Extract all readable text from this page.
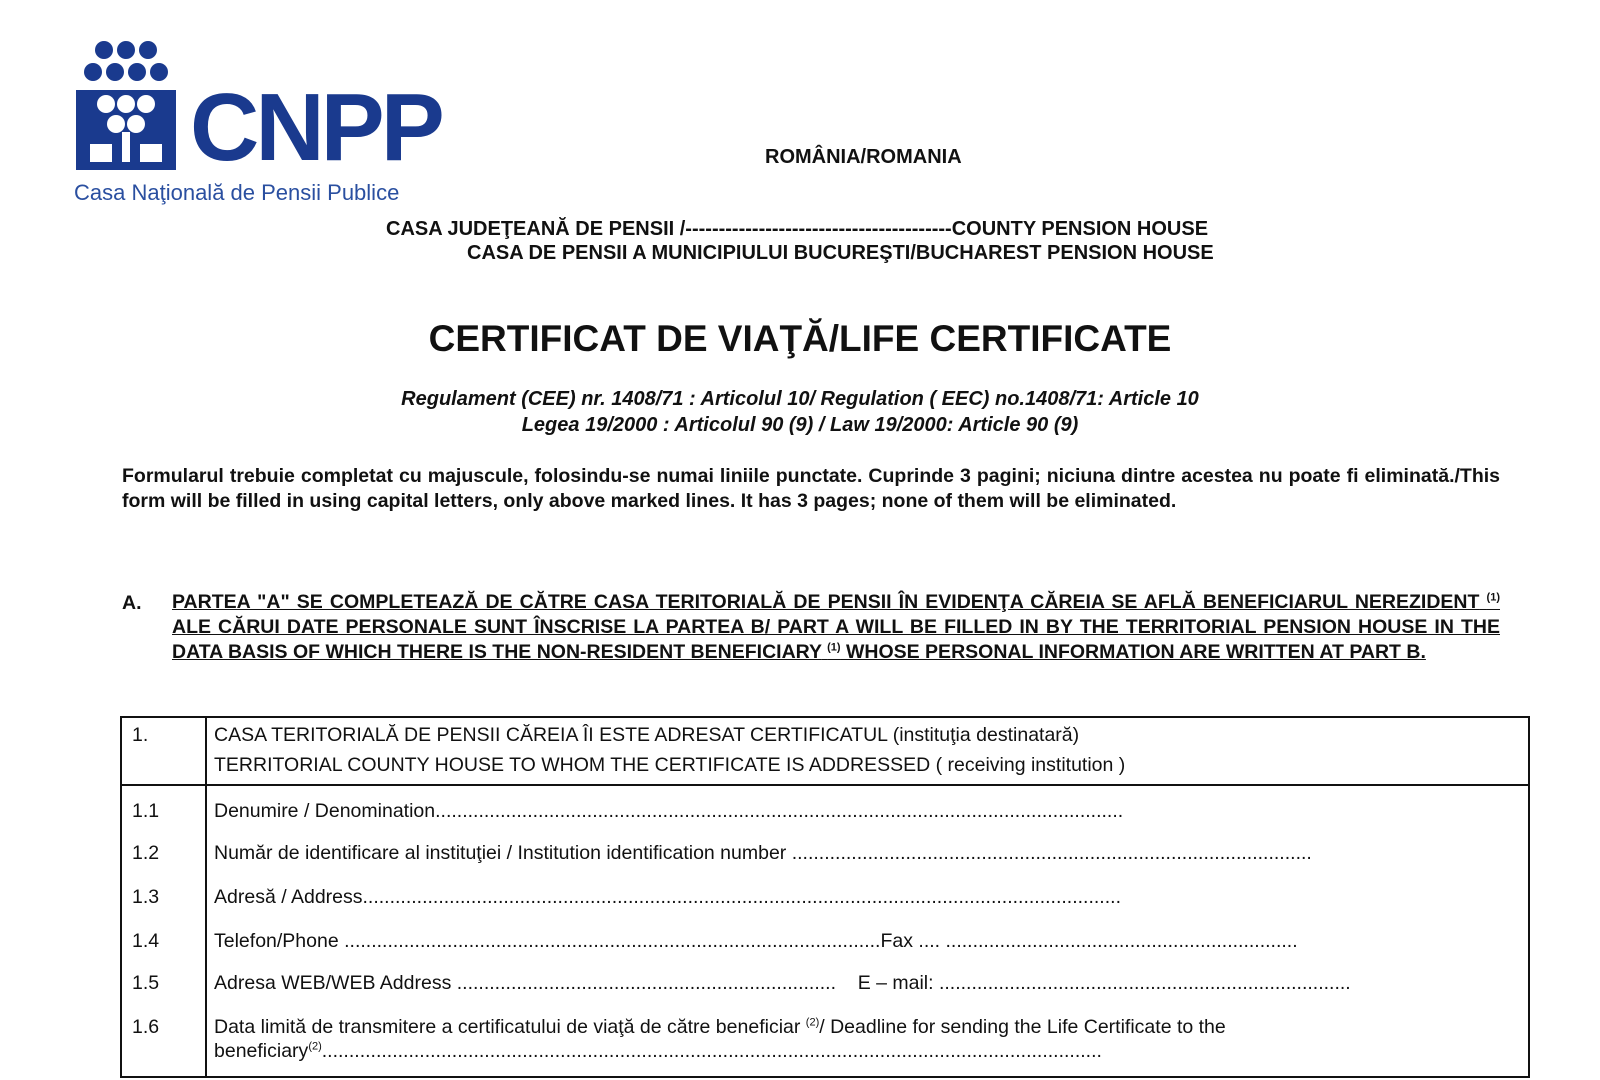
CNPP
Casa Naţională de Pensii Publice
ROMÂNIA/ROMANIA
CASA JUDEŢEANĂ DE PENSII /----------------------------------------COUNTY PENSION HOUSE
CASA DE PENSII A MUNICIPIULUI BUCUREŞTI/BUCHAREST PENSION HOUSE
CERTIFICAT DE VIAŢĂ/LIFE CERTIFICATE
Regulament (CEE) nr. 1408/71 : Articolul 10/ Regulation ( EEC) no.1408/71: Article 10
Legea 19/2000 : Articolul 90 (9) / Law 19/2000: Article 90 (9)
Formularul trebuie completat cu majuscule, folosindu-se numai liniile punctate. Cuprinde 3 pagini; niciuna dintre acestea nu poate fi eliminată./This form will be filled in using capital letters, only above marked lines. It has 3 pages; none of them will be eliminated.
A. PARTEA "A" SE COMPLETEAZĂ DE CĂTRE CASA TERITORIALĂ DE PENSII ÎN EVIDENŢA CĂREIA SE AFLĂ BENEFICIARUL NEREZIDENT $^{(1)}$ ALE CĂRUI DATE PERSONALE SUNT ÎNSCRISE LA PARTEA B/ PART A WILL BE FILLED IN BY THE TERRITORIAL PENSION HOUSE IN THE DATA BASIS OF WHICH THERE IS THE NON-RESIDENT BENEFICIARY $^{(1)}$ WHOSE PERSONAL INFORMATION ARE WRITTEN AT PART B.
1.	CASA TERITORIALĂ DE PENSII CĂREIA ÎI ESTE ADRESAT CERTIFICATUL (instituţia destinatară)
TERRITORIAL COUNTY HOUSE TO WHOM THE CERTIFICATE IS ADDRESSED ( receiving institution )
1.1	Denumire / Denomination...............................................................................................................................
1.2	Număr de identificare al instituţiei / Institution identification number ................................................................................................
1.3	Adresă / Address............................................................................................................................................
1.4	Telefon/Phone ...................................................................................................Fax .... .................................................................
1.5	Adresa WEB/WEB Address ...................................................................... E – mail: ............................................................................
1.6	Data limită de transmitere a certificatului de viaţă de către beneficiar $^{(2)}$/ Deadline for sending the Life Certificate to the
beneficiary$^{(2)}$................................................................................................................................................
